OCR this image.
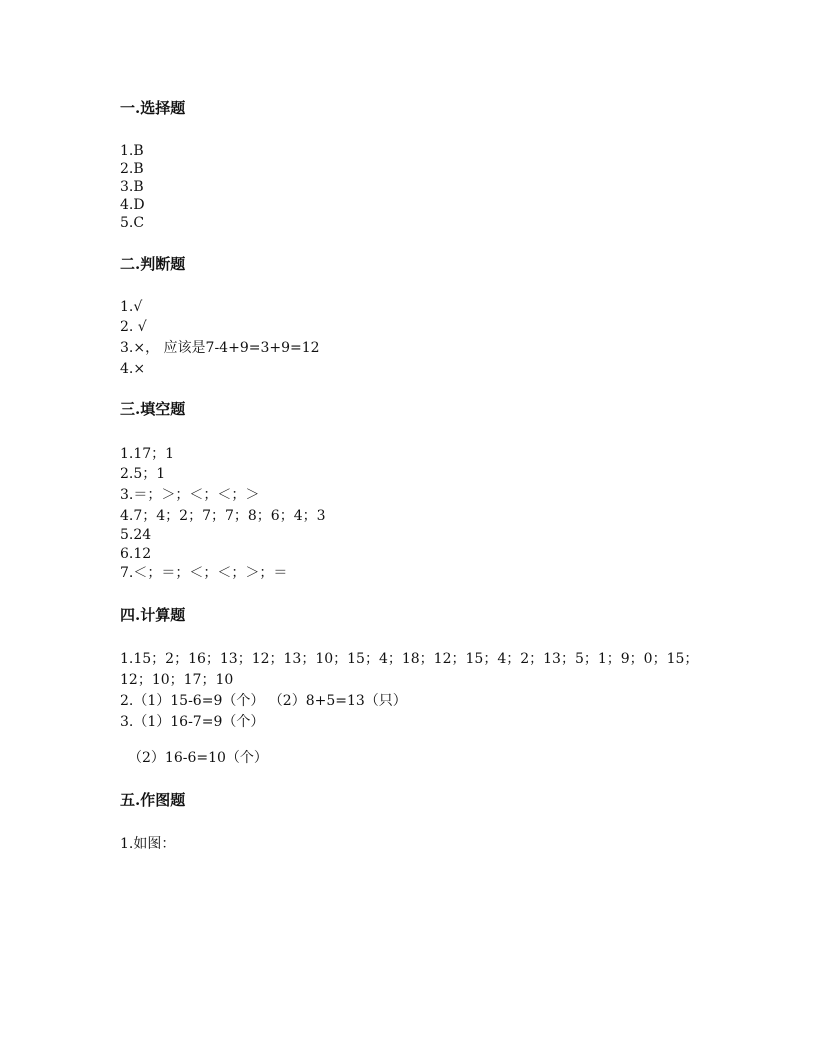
一.选择题

1.B

2.B

3.B

4.D

5.C

二.判断题

1.√

2. √

3.×， 应该是7-4+9=3+9=12

4.×

三.填空题

1.17；1

2.5；1

3.＝；＞；＜；＜；＞

4.7；4；2；7；7；8；6；4；3

5.24

6.12

7.＜；＝；＜；＜；＞；＝

四.计算题

1.15；2；16；13；12；13；10；15；4；18；12；15；4；2；13；5；1；9；0；15；12；10；17；10

2.（1）15-6=9（个） （2）8+5=13（只）

3.（1）16-7=9（个）

（2）16-6=10（个）

五.作图题

1.如图：
